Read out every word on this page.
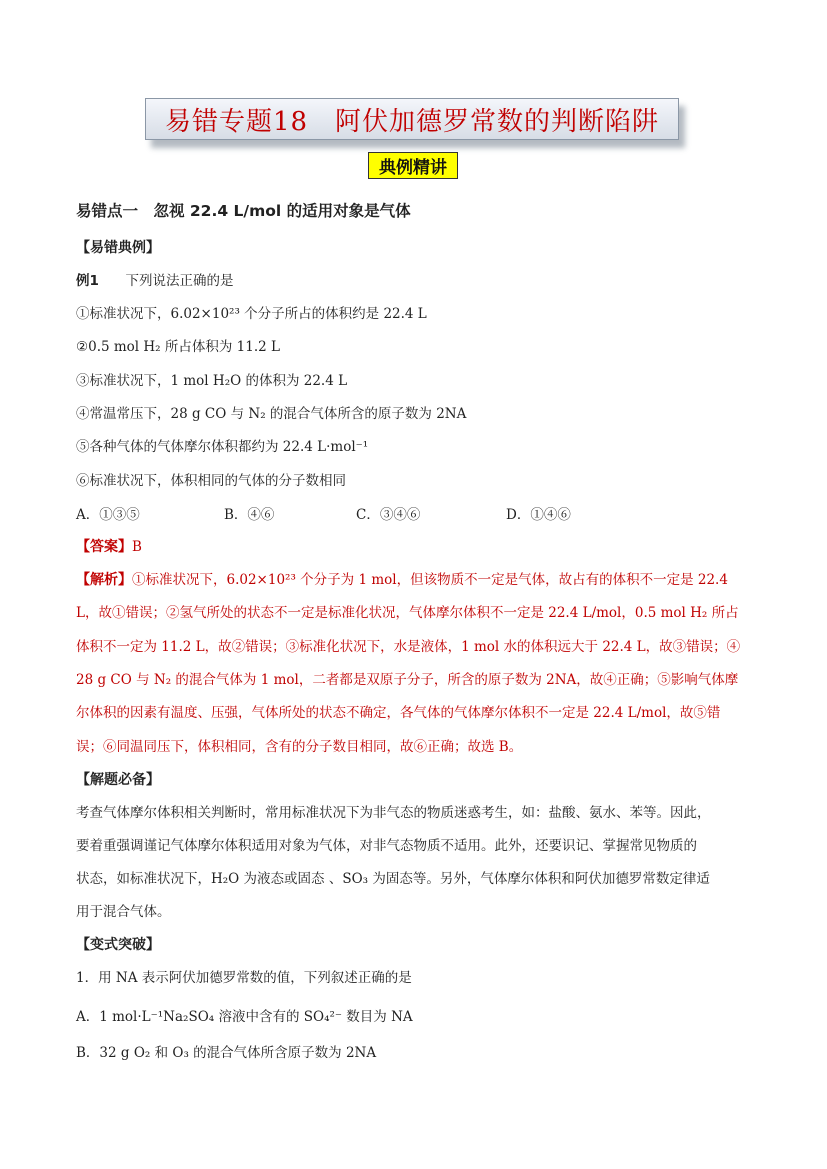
易错专题18　阿伏加德罗常数的判断陷阱
典例精讲
易错点一　忽视 22.4 L/mol 的适用对象是气体
【易错典例】
例1 下列说法正确的是
①标准状况下，6.02×10²³ 个分子所占的体积约是 22.4 L
②0.5 mol H₂ 所占体积为 11.2 L
③标准状况下，1 mol H₂O 的体积为 22.4 L
④常温常压下，28 g CO 与 N₂ 的混合气体所含的原子数为 2NA
⑤各种气体的气体摩尔体积都约为 22.4 L·mol⁻¹
⑥标准状况下，体积相同的气体的分子数相同
A．①③⑤	B．④⑥	C．③④⑥	D．①④⑥
【答案】B
【解析】①标准状况下，6.02×10²³ 个分子为 1 mol，但该物质不一定是气体，故占有的体积不一定是 22.4
L，故①错误；②氢气所处的状态不一定是标准化状况，气体摩尔体积不一定是 22.4 L/mol，0.5 mol H₂ 所占
体积不一定为 11.2 L，故②错误；③标准化状况下，水是液体，1 mol 水的体积远大于 22.4 L，故③错误；④
28 g CO 与 N₂ 的混合气体为 1 mol，二者都是双原子分子，所含的原子数为 2NA，故④正确；⑤影响气体摩
尔体积的因素有温度、压强，气体所处的状态不确定，各气体的气体摩尔体积不一定是 22.4 L/mol，故⑤错
误；⑥同温同压下，体积相同，含有的分子数目相同，故⑥正确；故选 B。
【解题必备】
考查气体摩尔体积相关判断时，常用标准状况下为非气态的物质迷惑考生，如：盐酸、氨水、苯等。因此，
要着重强调谨记气体摩尔体积适用对象为气体，对非气态物质不适用。此外，还要识记、掌握常见物质的
状态，如标准状况下，H₂O 为液态或固态 、SO₃ 为固态等。另外，气体摩尔体积和阿伏加德罗常数定律适
用于混合气体。
【变式突破】
1．用 NA 表示阿伏加德罗常数的值，下列叙述正确的是
A．1 mol·L⁻¹Na₂SO₄ 溶液中含有的 SO₄²⁻ 数目为 NA
B．32 g O₂ 和 O₃ 的混合气体所含原子数为 2NA
